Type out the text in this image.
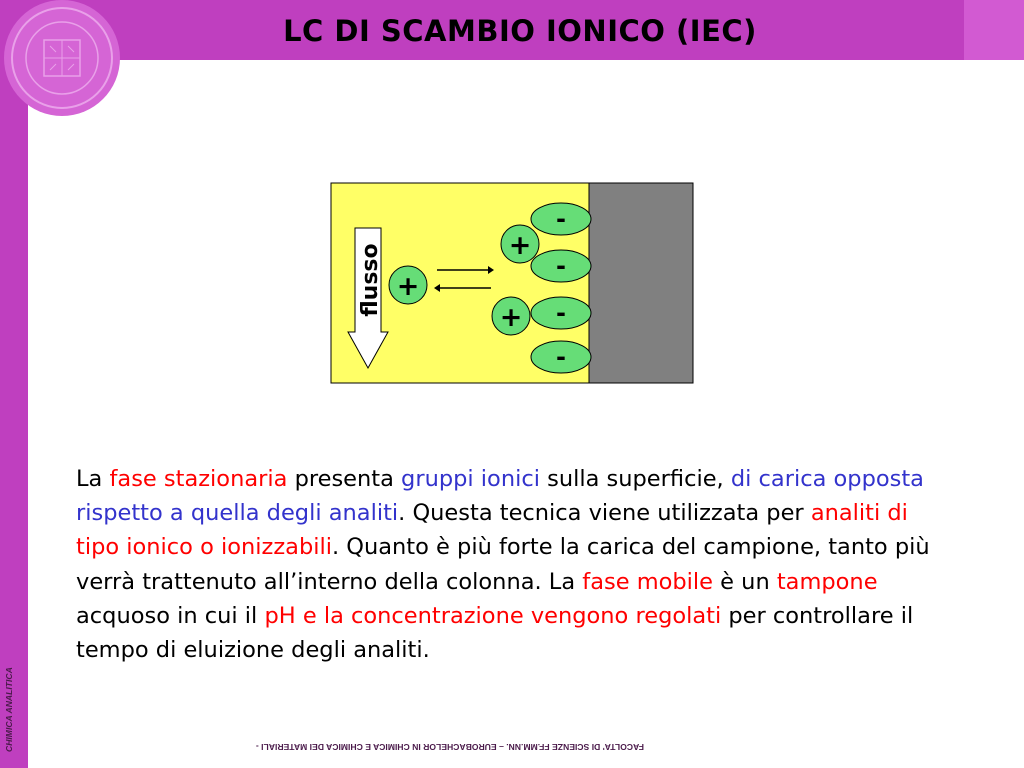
LC DI SCAMBIO IONICO (IEC)
FACOLTA' DI SCIENZE FF.MM.NN. – EUROBACHELOR IN CHIMICA E CHIMICA DEI MATERIALI -
CHIMICA ANALITICA
flusso +
+
+
-
-
-
-
La fase stazionaria presenta gruppi ionici sulla superficie, di carica opposta rispetto a quella degli analiti. Questa tecnica viene utilizzata per analiti di tipo ionico o ionizzabili. Quanto è più forte la carica del campione, tanto più verrà trattenuto all’interno della colonna. La fase mobile è un tampone acquoso in cui il pH e la concentrazione vengono regolati per controllare il tempo di eluizione degli analiti.
